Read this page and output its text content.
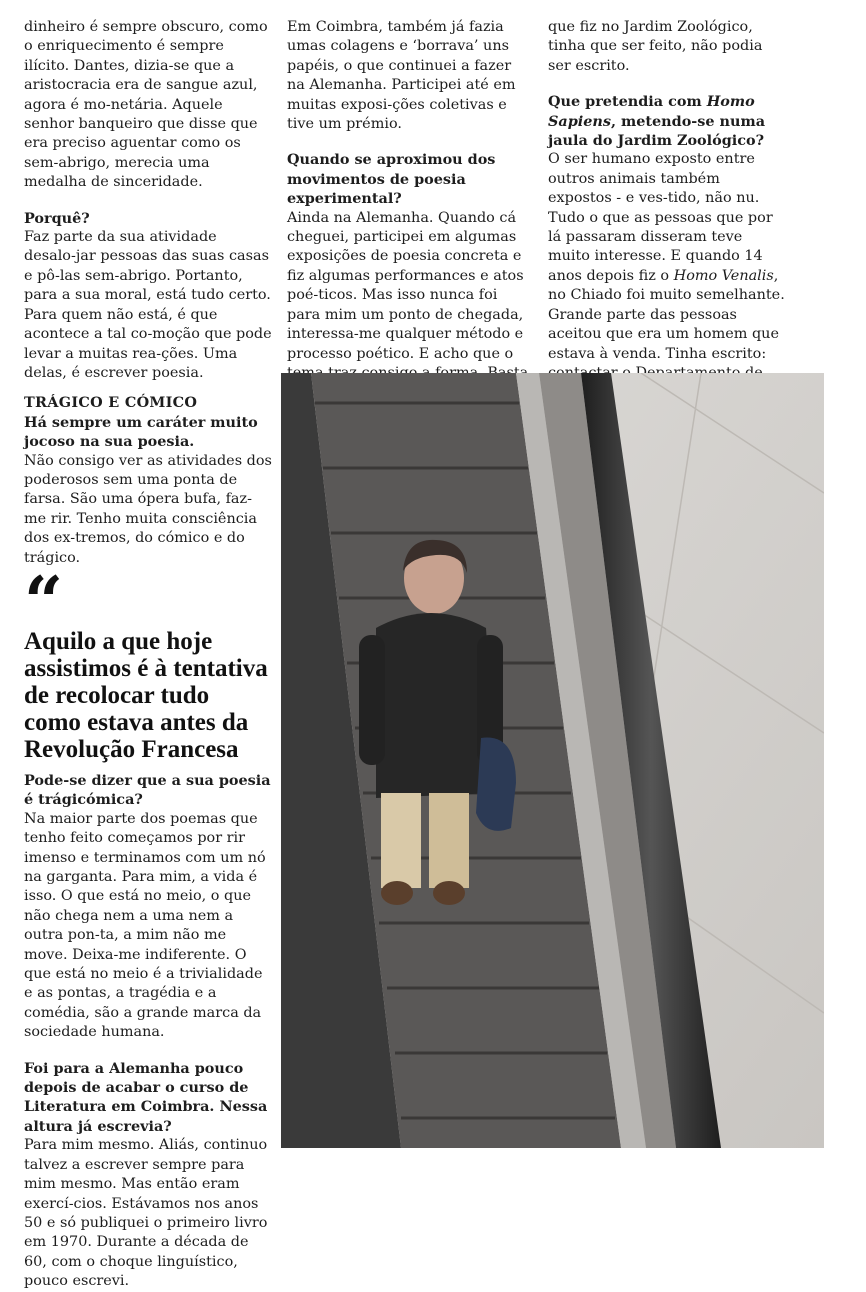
dinheiro é sempre obscuro, como o enriquecimento é sempre ilícito. Dantes, dizia-se que a aristocracia era de sangue azul, agora é mo-netária. Aquele senhor banqueiro que disse que era preciso aguentar como os sem-abrigo, merecia uma medalha de sinceridade.

Porquê?

Faz parte da sua atividade desalo-jar pessoas das suas casas e pô-las sem-abrigo. Portanto, para a sua moral, está tudo certo. Para quem não está, é que acontece a tal co-moção que pode levar a muitas rea-ções. Uma delas, é escrever poesia.

TRÁGICO E CÓMICO

Há sempre um caráter muito jocoso na sua poesia.

Não consigo ver as atividades dos poderosos sem uma ponta de farsa. São uma ópera bufa, faz-me rir. Tenho muita consciência dos ex-tremos, do cómico e do trágico.

“
Aquilo a que hoje assistimos é à tentativa de recolocar tudo como estava antes da Revolução Francesa

Pode-se dizer que a sua poesia é trágicómica?

Na maior parte dos poemas que tenho feito começamos por rir imenso e terminamos com um nó na garganta. Para mim, a vida é isso. O que está no meio, o que não chega nem a uma nem a outra pon-ta, a mim não me move. Deixa-me indiferente. O que está no meio é a trivialidade e as pontas, a tragédia e a comédia, são a grande marca da sociedade humana.

Foi para a Alemanha pouco depois de acabar o curso de Literatura em Coimbra. Nessa altura já escrevia?

Para mim mesmo. Aliás, continuo talvez a escrever sempre para mim mesmo. Mas então eram exercí-cios. Estávamos nos anos 50 e só publiquei o primeiro livro em 1970. Durante a década de 60, com o choque linguístico, pouco escrevi.

Em Coimbra, também já fazia umas colagens e ‘borrava’ uns papéis, o que continuei a fazer na Alemanha. Participei até em muitas exposi-ções coletivas e tive um prémio.

Quando se aproximou dos movimentos de poesia experimental?

Ainda na Alemanha. Quando cá cheguei, participei em algumas exposições de poesia concreta e fiz algumas performances e atos poé-ticos. Mas isso nunca foi para mim um ponto de chegada, interessa-me qualquer método e processo poético. E acho que o

que fiz no Jardim Zoológico, tinha que ser feito, não podia ser escrito.

Que pretendia com Homo Sapiens, metendo-se numa jaula do Jardim Zoológico?

O ser humano exposto entre outros animais também expostos - e ves-tido, não nu. Tudo o que as pessoas que por lá passaram disseram teve muito interesse. E quando 14 anos depois fiz o Homo Venalis, no Chiado foi muito semelhante. Grande parte das pessoas aceitou que era um homem que estava à venda. Tinha escrito:
